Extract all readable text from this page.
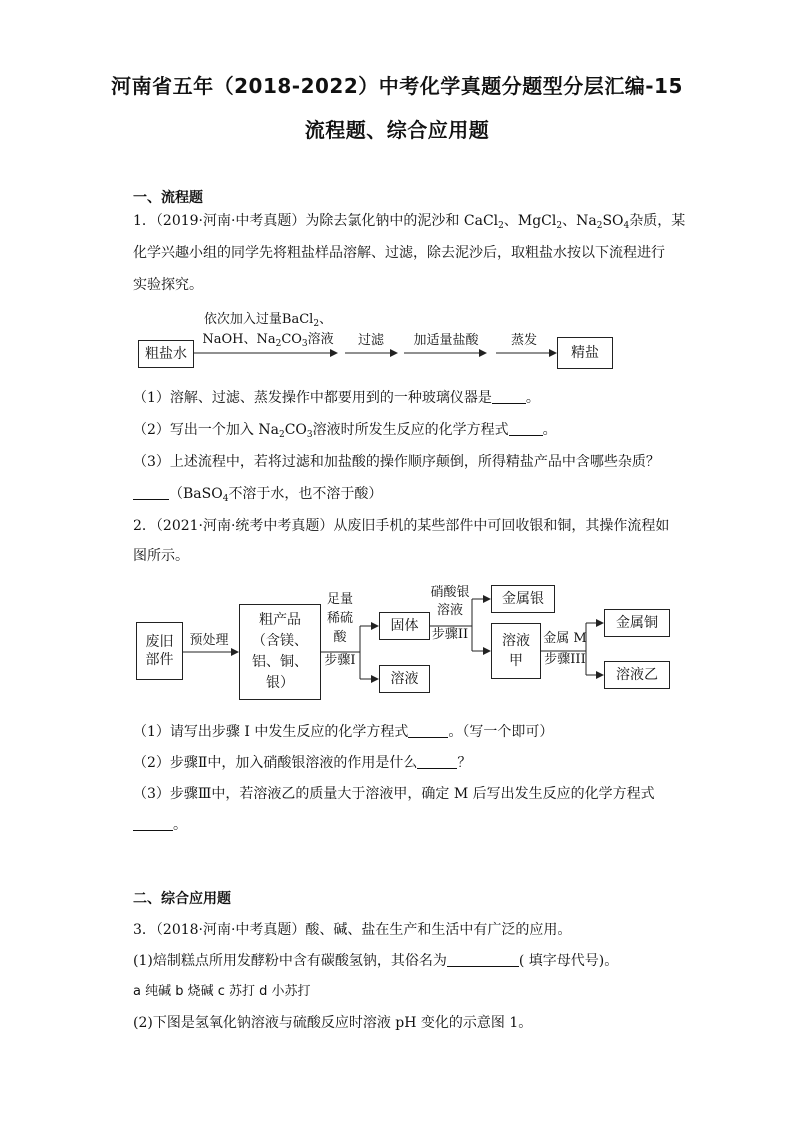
河南省五年（2018-2022）中考化学真题分题型分层汇编-15
流程题、综合应用题
一、流程题
1．（2019·河南·中考真题）为除去氯化钠中的泥沙和 CaCl$_2$、MgCl$_2$、$Na_2SO_4$杂质，某
化学兴趣小组的同学先将粗盐样品溶解、过滤，除去泥沙后，取粗盐水按以下流程进行
实验探究。
粗盐水
依次加入过量BaCl$_2$、
NaOH、$Na_2CO_3$溶液	过滤	加适量盐酸	蒸发
精盐
（1）溶解、过滤、蒸发操作中都要用到的一种玻璃仪器是 。
（2）写出一个加入 $Na_2CO_3$溶液时所发生反应的化学方程式 。
（3）上述流程中，若将过滤和加盐酸的操作顺序颠倒，所得精盐产品中含哪些杂质？
（BaSO$_4$不溶于水，也不溶于酸）
2．（2021·河南·统考中考真题）从废旧手机的某些部件中可回收银和铜，其操作流程如
图所示。
废旧
部件
预处理
粗产品
（含镁、
铝、铜、
银）
足量
稀硫
酸
步骤I
固体
溶液
硝酸银
溶液
步骤II
金属银
溶液
甲
金属 M
步骤III
金属铜
溶液乙
（1）请写出步骤 I 中发生反应的化学方程式	。（写一个即可）
（2）步骤Ⅱ中，加入硝酸银溶液的作用是什么	？
（3）步骤Ⅲ中，若溶液乙的质量大于溶液甲，确定 M 后写出发生反应的化学方程式
。
二、综合应用题
3．（2018·河南·中考真题）酸、碱、盐在生产和生活中有广泛的应用。
(1)焙制糕点所用发酵粉中含有碳酸氢钠，其俗名为	( 填字母代号)。
a 纯碱 b 烧碱 c 苏打 d 小苏打
(2)下图是氢氧化钠溶液与硫酸反应时溶液 pH 变化的示意图 1。
